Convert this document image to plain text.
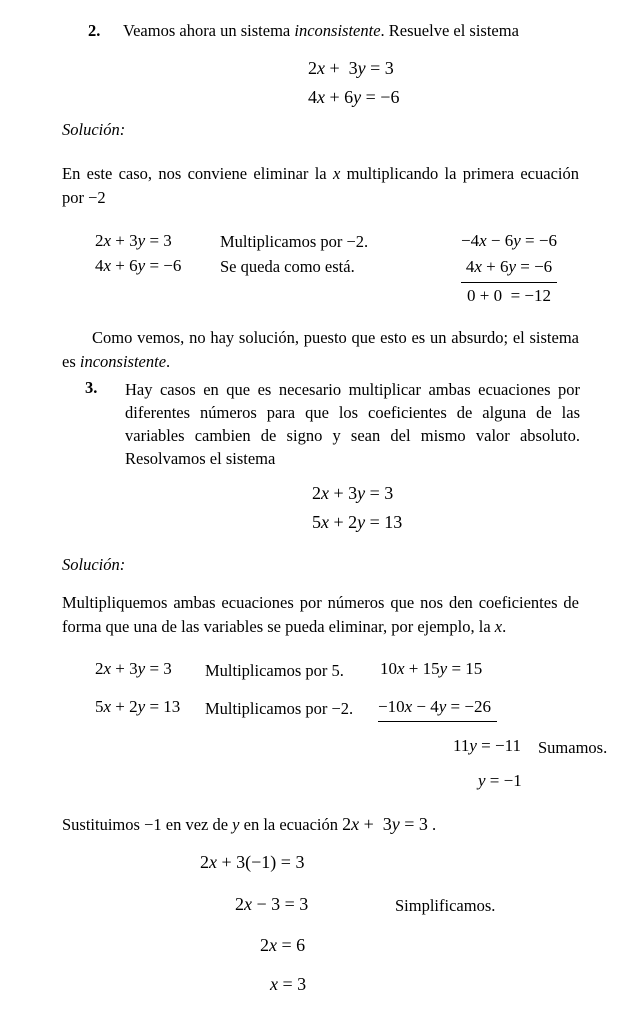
2. Veamos ahora un sistema inconsistente. Resuelve el sistema
2x +  3y = 3
4x + 6y = −6
Solución:
En este caso, nos conviene eliminar la x multiplicando la primera ecuación por −2
2x + 3y = 3
4x + 6y = −6
Multiplicamos por −2.
Se queda como está.
−4x − 6y = −6
4x + 6y = −6
0 + 0  = −12
Como vemos, no hay solución, puesto que esto es un absurdo; el sistema es inconsistente.
3. Hay casos en que es necesario multiplicar ambas ecuaciones por diferentes números para que los coeficientes de alguna de las variables cambien de signo y sean del mismo valor absoluto. Resolvamos el sistema
2x + 3y = 3
5x + 2y = 13
Solución:
Multipliquemos ambas ecuaciones por números que nos den coeficientes de forma que una de las variables se pueda eliminar, por ejemplo, la x.
2x + 3y = 3 Multiplicamos por 5. 10x + 15y = 15
5x + 2y = 13 Multiplicamos por −2. −10x − 4y = −26
11y = −11 Sumamos.
y = −1
Sustituimos −1 en vez de y en la ecuación 2x +  3y = 3 .
2x + 3(−1) = 3
2x − 3 = 3	Simplificamos.
2x = 6
x = 3
